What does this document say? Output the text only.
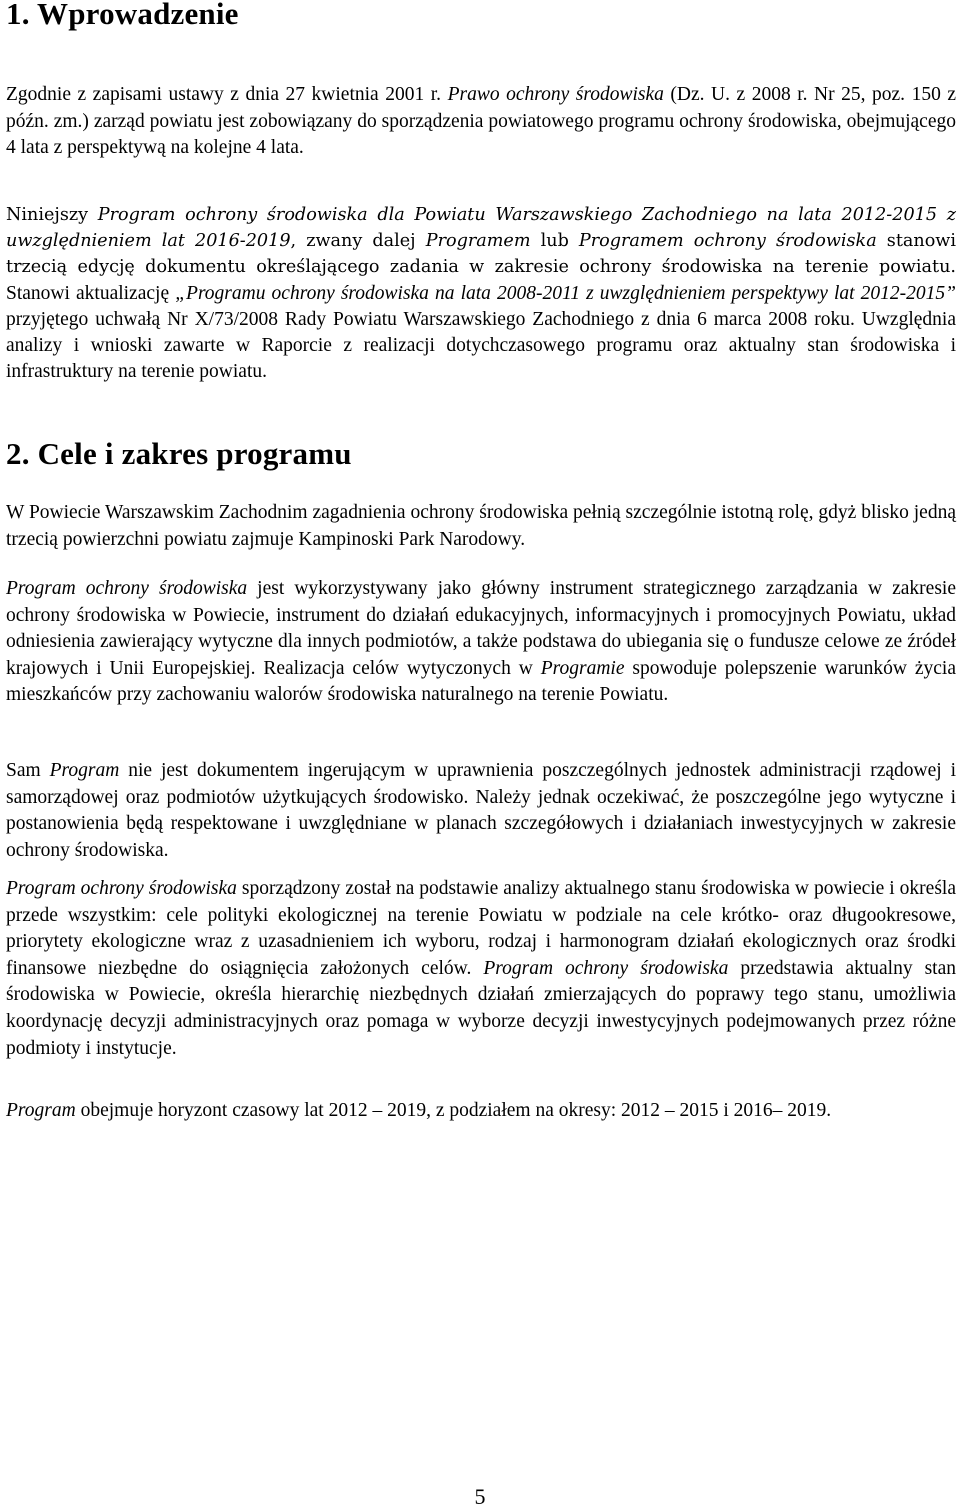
1. Wprowadzenie

Zgodnie z zapisami ustawy z dnia 27 kwietnia 2001 r. Prawo ochrony środowiska (Dz. U. z 2008 r. Nr 25, poz. 150 z późn. zm.) zarząd powiatu jest zobowiązany do sporządzenia powiatowego programu ochrony środowiska, obejmującego 4 lata z perspektywą na kolejne 4 lata.

Niniejszy Program ochrony środowiska dla Powiatu Warszawskiego Zachodniego na lata 2012-2015 z uwzględnieniem lat 2016-2019, zwany dalej Programem lub Programem ochrony środowiska stanowi trzecią edycję dokumentu określającego zadania w zakresie ochrony środowiska na terenie powiatu. Stanowi aktualizację „Programu ochrony środowiska na lata 2008-2011 z uwzględnieniem perspektywy lat 2012-2015” przyjętego uchwałą Nr X/73/2008 Rady Powiatu Warszawskiego Zachodniego z dnia 6 marca 2008 roku. Uwzględnia analizy i wnioski zawarte w Raporcie z realizacji dotychczasowego programu oraz aktualny stan środowiska i infrastruktury na terenie powiatu.

2. Cele i zakres programu

W Powiecie Warszawskim Zachodnim zagadnienia ochrony środowiska pełnią szczególnie istotną rolę, gdyż blisko jedną trzecią powierzchni powiatu zajmuje Kampinoski Park Narodowy.

Program ochrony środowiska jest wykorzystywany jako główny instrument strategicznego zarządzania w zakresie ochrony środowiska w Powiecie, instrument do działań edukacyjnych, informacyjnych i promocyjnych Powiatu, układ odniesienia zawierający wytyczne dla innych podmiotów, a także podstawa do ubiegania się o fundusze celowe ze źródeł krajowych i Unii Europejskiej. Realizacja celów wytyczonych w Programie spowoduje polepszenie warunków życia mieszkańców przy zachowaniu walorów środowiska naturalnego na terenie Powiatu.

Sam Program nie jest dokumentem ingerującym w uprawnienia poszczególnych jednostek administracji rządowej i samorządowej oraz podmiotów użytkujących środowisko. Należy jednak oczekiwać, że poszczególne jego wytyczne i postanowienia będą respektowane i uwzględniane w planach szczegółowych i działaniach inwestycyjnych w zakresie ochrony środowiska.

Program ochrony środowiska sporządzony został na podstawie analizy aktualnego stanu środowiska w powiecie i określa przede wszystkim: cele polityki ekologicznej na terenie Powiatu w podziale na cele krótko- oraz długookresowe, priorytety ekologiczne wraz z uzasadnieniem ich wyboru, rodzaj i harmonogram działań ekologicznych oraz środki finansowe niezbędne do osiągnięcia założonych celów. Program ochrony środowiska przedstawia aktualny stan środowiska w Powiecie, określa hierarchię niezbędnych działań zmierzających do poprawy tego stanu, umożliwia koordynację decyzji administracyjnych oraz pomaga w wyborze decyzji inwestycyjnych podejmowanych przez różne podmioty i instytucje.

Program obejmuje horyzont czasowy lat 2012 – 2019, z podziałem na okresy: 2012 – 2015 i 2016– 2019.

5
